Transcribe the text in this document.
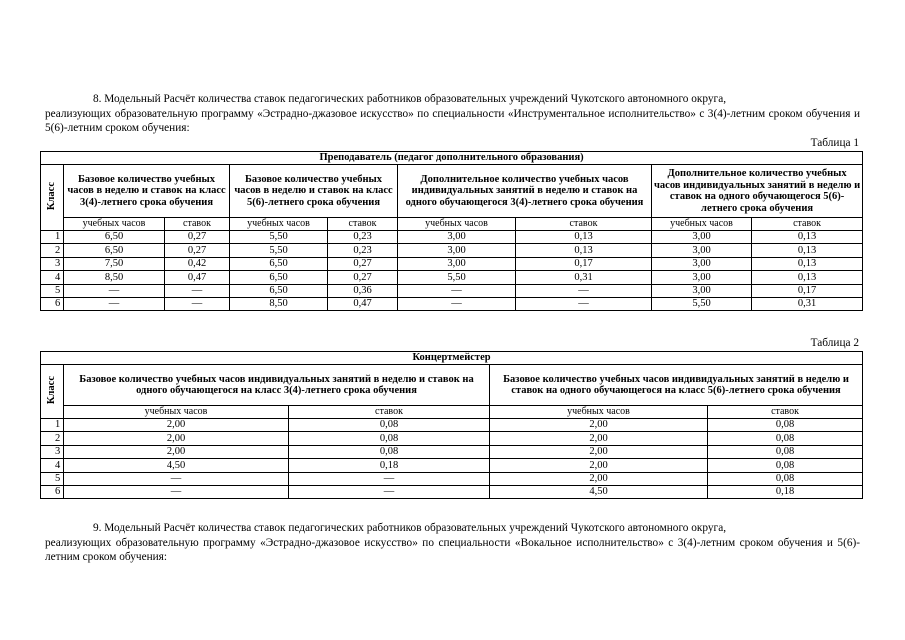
8. Модельный Расчёт количества ставок педагогических работников образовательных учреждений Чукотского автономного округа,
реализующих образовательную программу «Эстрадно-джазовое искусство» по специальности «Инструментальное исполнительство» с 3(4)-летним сроком обучения и 5(6)-летним сроком обучения:
Таблица 1
Преподаватель (педагог дополнительного образования)								
Класс	Базовое количество учебных часов в неделю и ставок на класс 3(4)-летнего срока обучения		Базовое количество учебных часов в неделю и ставок на класс 5(6)-летнего срока обучения		Дополнительное количество учебных часов индивидуальных занятий в неделю и ставок на одного обучающегося 3(4)-летнего срока обучения		Дополнительное количество учебных часов индивидуальных занятий в неделю и ставок на одного обучающегося 5(6)-летнего срока обучения	
	учебных часов	ставок	учебных часов	ставок	учебных часов	ставок	учебных часов	ставок
1	6,50	0,27	5,50	0,23	3,00	0,13	3,00	0,13
2	6,50	0,27	5,50	0,23	3,00	0,13	3,00	0,13
3	7,50	0,42	6,50	0,27	3,00	0,17	3,00	0,13
4	8,50	0,47	6,50	0,27	5,50	0,31	3,00	0,13
5	—	—	6,50	0,36	—	—	3,00	0,17
6	—	—	8,50	0,47	—	—	5,50	0,31
Таблица 2
Концертмейстер				
Класс	Базовое количество учебных часов индивидуальных занятий в неделю и ставок на одного обучающегося на класс 3(4)-летнего срока обучения		Базовое количество учебных часов индивидуальных занятий в неделю и ставок на одного обучающегося на класс 5(6)-летнего срока обучения	
	учебных часов	ставок	учебных часов	ставок
1	2,00	0,08	2,00	0,08
2	2,00	0,08	2,00	0,08
3	2,00	0,08	2,00	0,08
4	4,50	0,18	2,00	0,08
5	—	—	2,00	0,08
6	—	—	4,50	0,18
9. Модельный Расчёт количества ставок педагогических работников образовательных учреждений Чукотского автономного округа,
реализующих образовательную программу «Эстрадно-джазовое искусство» по специальности «Вокальное исполнительство» с 3(4)-летним сроком обучения и 5(6)-летним сроком обучения:
